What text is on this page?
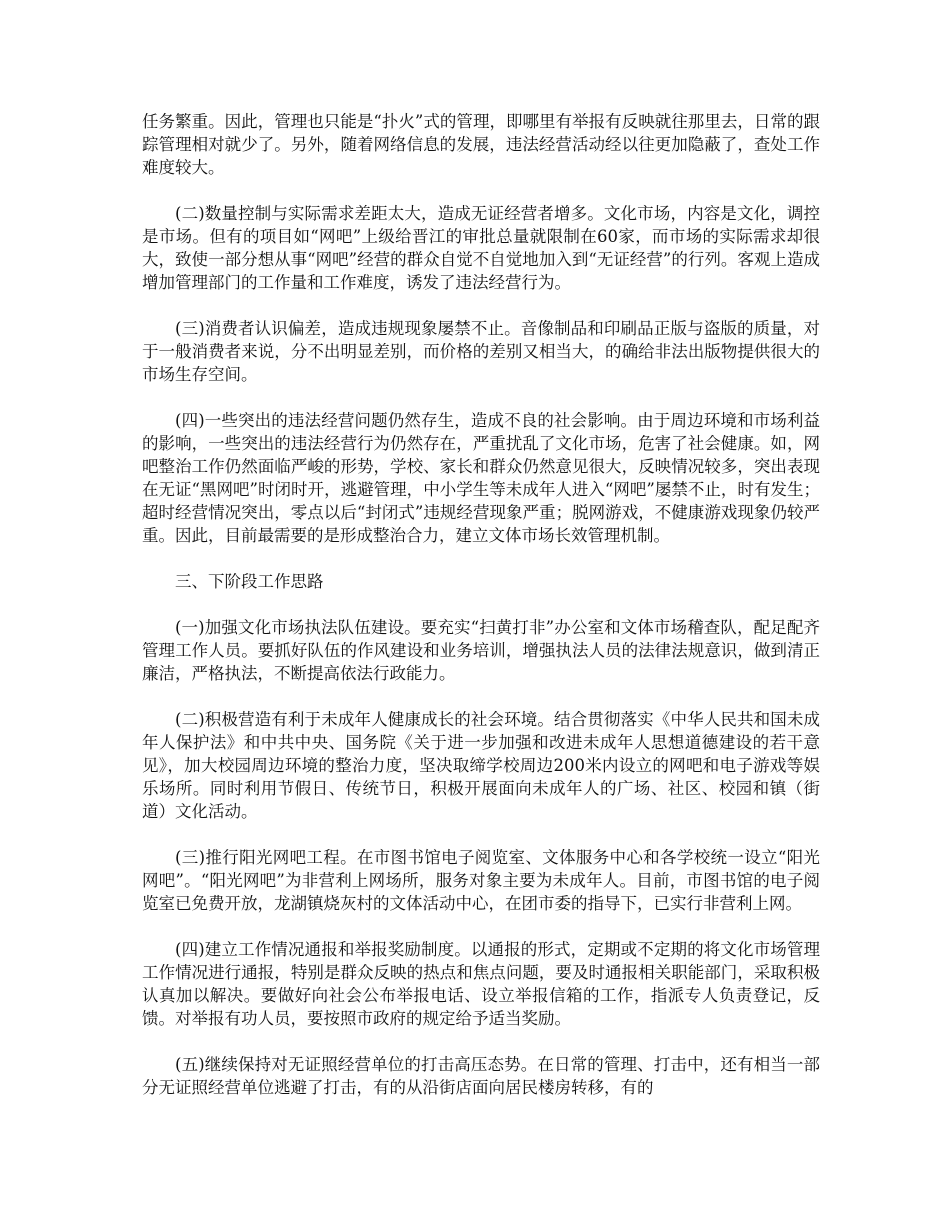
任务繁重。因此，管理也只能是“扑火”式的管理，即哪里有举报有反映就往那里去，日常的跟踪管理相对就少了。另外，随着网络信息的发展，违法经营活动经以往更加隐蔽了，查处工作难度较大。

(二)数量控制与实际需求差距太大，造成无证经营者增多。文化市场，内容是文化，调控是市场。但有的项目如“网吧”上级给晋江的审批总量就限制在60家，而市场的实际需求却很大，致使一部分想从事“网吧”经营的群众自觉不自觉地加入到“无证经营”的行列。客观上造成增加管理部门的工作量和工作难度，诱发了违法经营行为。

(三)消费者认识偏差，造成违规现象屡禁不止。音像制品和印刷品正版与盗版的质量，对于一般消费者来说，分不出明显差别，而价格的差别又相当大，的确给非法出版物提供很大的市场生存空间。

(四)一些突出的违法经营问题仍然存生，造成不良的社会影响。由于周边环境和市场利益的影响，一些突出的违法经营行为仍然存在，严重扰乱了文化市场，危害了社会健康。如，网吧整治工作仍然面临严峻的形势，学校、家长和群众仍然意见很大，反映情况较多，突出表现在无证“黑网吧”时闭时开，逃避管理，中小学生等未成年人进入“网吧”屡禁不止，时有发生；超时经营情况突出，零点以后“封闭式”违规经营现象严重；脱网游戏，不健康游戏现象仍较严重。因此，目前最需要的是形成整治合力，建立文体市场长效管理机制。

三、下阶段工作思路

(一)加强文化市场执法队伍建设。要充实“扫黄打非”办公室和文体市场稽查队，配足配齐管理工作人员。要抓好队伍的作风建设和业务培训，增强执法人员的法律法规意识，做到清正廉洁，严格执法，不断提高依法行政能力。

(二)积极营造有利于未成年人健康成长的社会环境。结合贯彻落实《中华人民共和国未成年人保护法》和中共中央、国务院《关于进一步加强和改进未成年人思想道德建设的若干意见》，加大校园周边环境的整治力度，坚决取缔学校周边200米内设立的网吧和电子游戏等娱乐场所。同时利用节假日、传统节日，积极开展面向未成年人的广场、社区、校园和镇（街道）文化活动。

(三)推行阳光网吧工程。在市图书馆电子阅览室、文体服务中心和各学校统一设立“阳光网吧”。“阳光网吧”为非营利上网场所，服务对象主要为未成年人。目前，市图书馆的电子阅览室已免费开放，龙湖镇烧灰村的文体活动中心，在团市委的指导下，已实行非营利上网。

(四)建立工作情况通报和举报奖励制度。以通报的形式，定期或不定期的将文化市场管理工作情况进行通报，特别是群众反映的热点和焦点问题，要及时通报相关职能部门，采取积极认真加以解决。要做好向社会公布举报电话、设立举报信箱的工作，指派专人负责登记，反馈。对举报有功人员，要按照市政府的规定给予适当奖励。

(五)继续保持对无证照经营单位的打击高压态势。在日常的管理、打击中，还有相当一部分无证照经营单位逃避了打击，有的从沿街店面向居民楼房转移，有的
